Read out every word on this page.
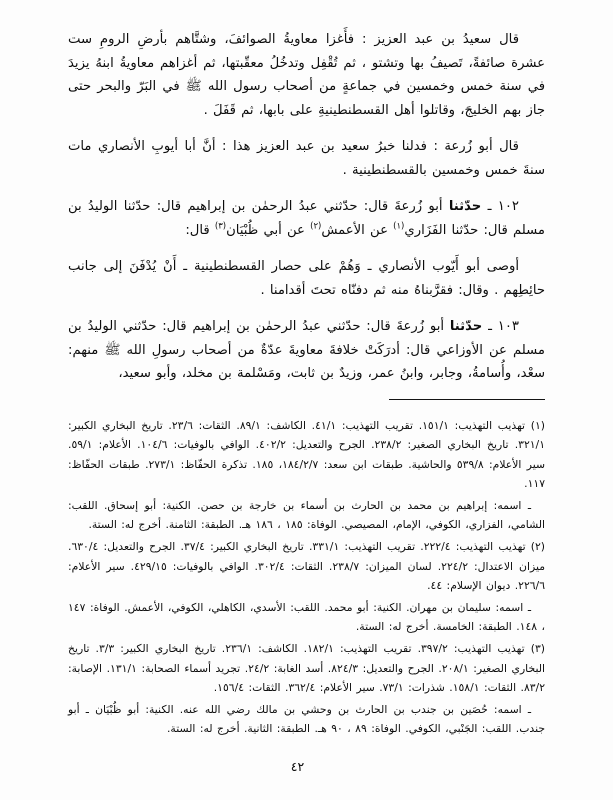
قال سعيدُ بن عبد العزيز : فأَغزا معاويةُ الصوائفَ، وشتَّاهم بأرضِ الرومِ ست عشرة صائفةً، تَصيفُ بها وتشتو ، ثم تُقْفِل وتدخُلُ معقّبتها، ثم أغزاهم معاويةُ ابنهُ يزيدَ في سنة خمس وخمسين في جماعةٍ من أصحاب رسول الله ﷺ في البَرّ والبحر حتى جاز بهم الخليجَ، وقاتلوا أهل القسطنطينيةِ على بابها، ثم قَفَلَ .

قال أبو زُرعة : فدلنا خبرُ سعيد بن عبد العزيز هذا : أنَّ أبا أيوبِ الأنصاري مات سنةَ خمس وخمسين بالقسطنطينية .

١٠٢ ـ حدّثنا أبو زُرعةَ قال: حدّثني عبدُ الرحمٰن بن إبراهيم قال: حدّثنا الوليدُ بن مسلم قال: حدّثنا الفَزَاري$^{(١)}$ عن الأعمش$^{(٢)}$ عن أبي ظُبْيَان$^{(٣)}$ قال:

أوصى أبو أَيّوب الأنصاري ـ وَهُمْ على حصار القسطنطينية ـ أَنْ يُدْفَنَ إلى جانب حائِطِهم . وقال: فقرَّبناهُ منه ثم دفنّاه تحتَ أقدامنا .

١٠٣ ـ حدّثنا أبو زُرعةَ قال: حدّثني عبدُ الرحمٰن بن إبراهيم قال: حدّثني الوليدُ بن مسلم عن الأوزاعي قال: أدرَكَتْ خلافةَ معاويةَ عدّةٌ من أصحاب رسولِ الله ﷺ منهم: سعْد، وأُسامةُ، وجابر، وابنُ عمر، وزيدٌ بن ثابت، ومَسْلمة بن مخلد، وأبو سعيد،

(١) تهذيب التهذيب: ١٥١/١. تقريب التهذيب: ٤١/١. الكاشف: ٨٩/١. الثقات: ٢٣/٦. تاريخ البخاري الكبير: ٣٢١/١. تاريخ البخاري الصغير: ٢٣٨/٢. الجرح والتعديل: ٤٠٢/٢. الوافي بالوفيات: ١٠٤/٦. الأعلام: ٥٩/١. سير الأعلام: ٥٣٩/٨ والحاشية. طبقات ابن سعد: ١٨٤/٢/٧، ١٨٥. تذكرة الحفّاظ: ٢٧٣/١. طبقات الحفّاظ: ١١٧.

ـ اسمه: إبراهيم بن محمد بن الحارث بن أسماء بن خارجة بن حصن. الكنية: أبو إسحاق. اللقب: الشامي، الفزاري، الكوفي، الإمام، المصيصي. الوفاة: ١٨٥ ، ١٨٦ هـ. الطبقة: الثامنة. أخرج له: الستة.

(٢) تهذيب التهذيب: ٢٢٢/٤. تقريب التهذيب: ٣٣١/١. تاريخ البخاري الكبير: ٣٧/٤. الجرح والتعديل: ٦٣٠/٤. ميزان الاعتدال: ٢٢٤/٢. لسان الميزان: ٢٣٨/٧. الثقات: ٣٠٢/٤. الوافي بالوفيات: ٤٢٩/١٥. سير الأعلام: ٢٢٦/٦. ديوان الإسلام: ٤٤.

ـ اسمه: سليمان بن مهران. الكنية: أبو محمد. اللقب: الأسدي، الكاهلي، الكوفي، الأعمش. الوفاة: ١٤٧ ، ١٤٨. الطبقة: الخامسة. أخرج له: الستة.

(٣) تهذيب التهذيب: ٣٩٧/٢. تقريب التهذيب: ١٨٢/١. الكاشف: ٢٣٦/١. تاريخ البخاري الكبير: ٣/٣. تاريخ البخاري الصغير: ٢٠٨/١. الجرح والتعديل: ٨٢٤/٣. أسد الغابة: ٢٤/٢. تجريد أسماء الصحابة: ١٣١/١. الإصابة: ٨٣/٢. الثقات: ١٥٨/١. شذرات: ٧٣/١. سير الأعلام: ٣٦٢/٤. الثقات: ١٥٦/٤.

ـ اسمه: حُصَين بن جندب بن الحارث بن وحشي بن مالك رضي الله عنه. الكنية: أبو ظُبْيَان ـ أبو جندب. اللقب: الجَنْبي، الكوفي. الوفاة: ٨٩ ، ٩٠ هـ. الطبقة: الثانية. أخرج له: الستة.

٤٢
